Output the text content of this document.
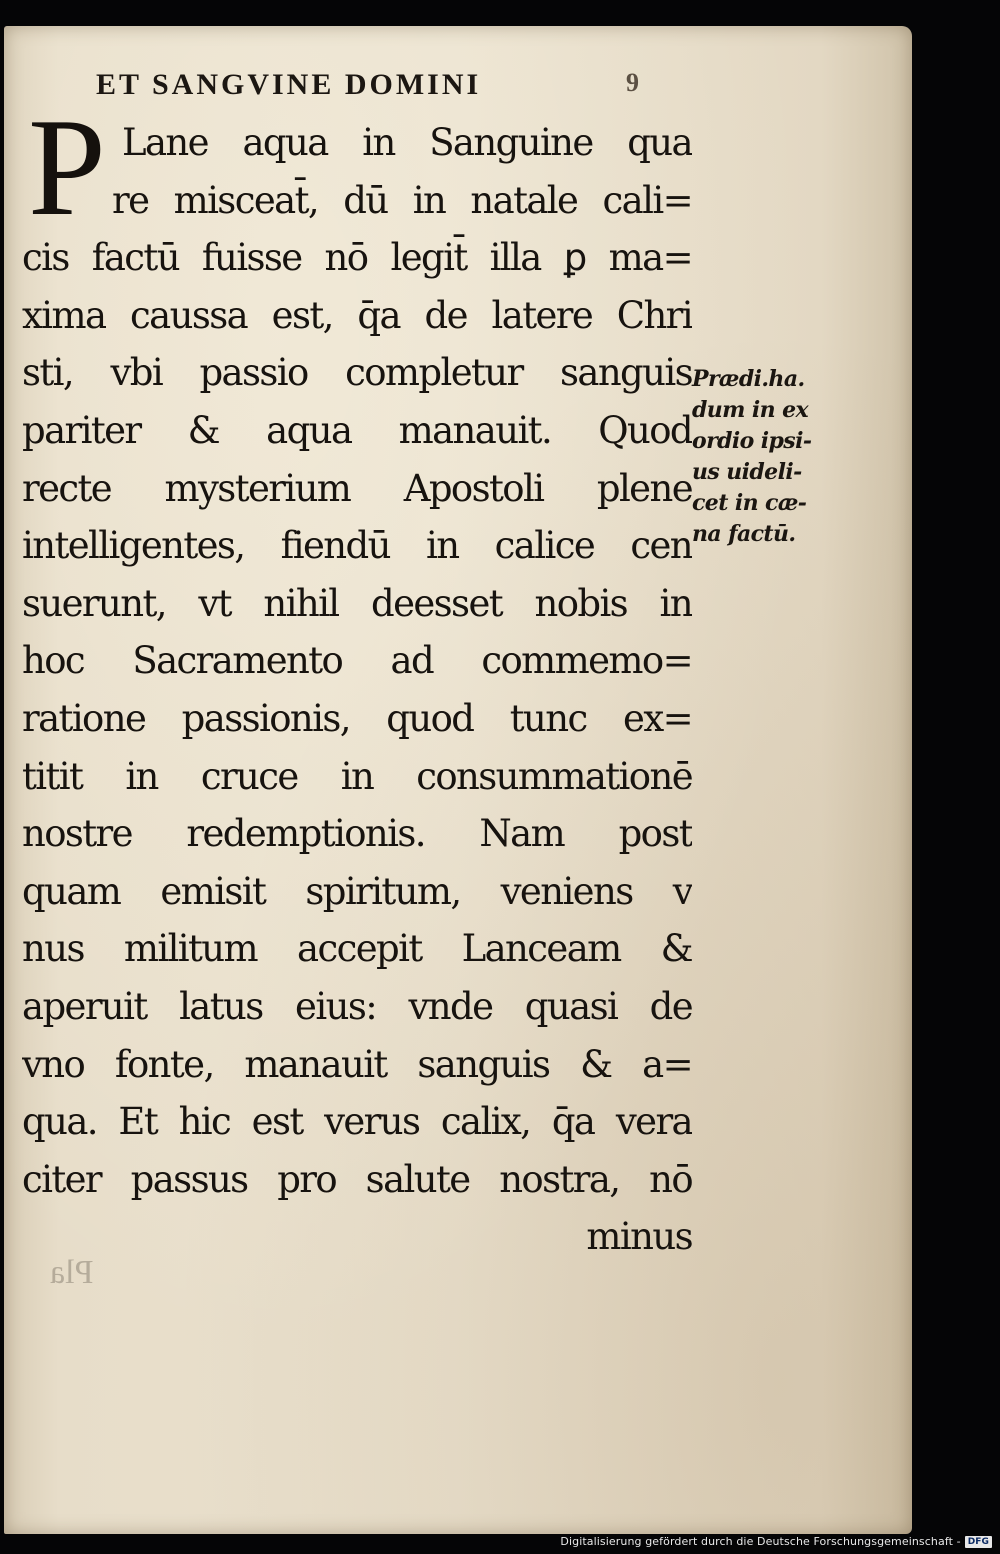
ET SANGVINE DOMINI	9
P Lane aqua in Sanguine qua
re misceat̄, dū in natale cali=
cis factū fuisse nō legit̄ illa ꝑ ma=
xima caussa est, q̄a de latere Chri
sti, vbi passio completur sanguis
pariter & aqua manauit. Quod
recte mysterium Apostoli plene
intelligentes, fiendū in calice cen
suerunt, vt nihil deesset nobis in
hoc Sacramento ad commemo=
ratione passionis, quod tunc ex=
titit in cruce in consummationē
nostre redemptionis. Nam post
quam emisit spiritum, veniens v
nus militum accepit Lanceam &
aperuit latus eius: vnde quasi de
vno fonte, manauit sanguis & a=
qua. Et hic est verus calix, q̄a vera
citer passus pro salute nostra, nō
minus
Prædi.ha.
dum in ex
ordio ipsi-
us uideli-
cet in cæ-
na factū.
Pla
Digitalisierung gefördert durch die Deutsche Forschungsgemeinschaft - DFG
